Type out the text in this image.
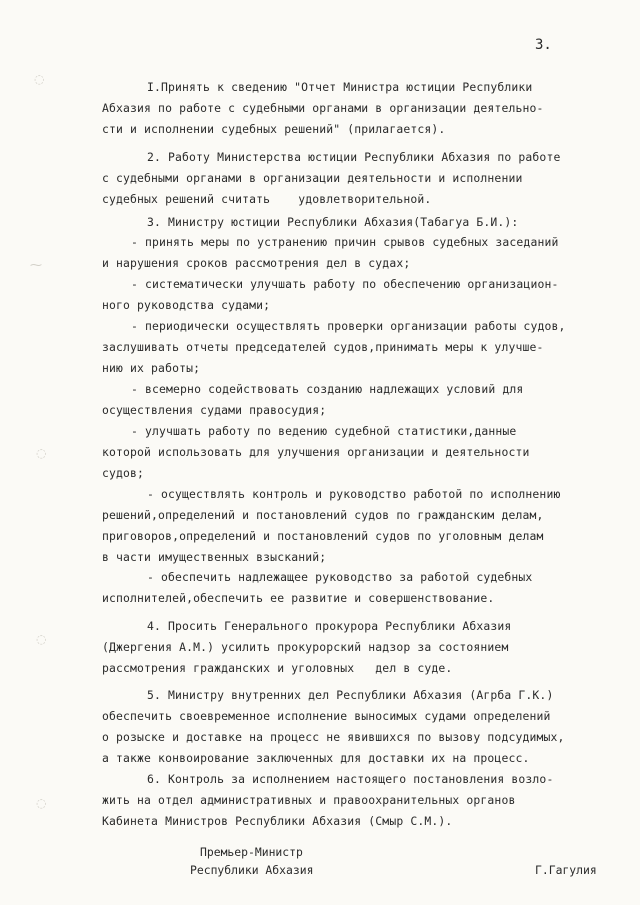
3.
◌
⁓
◌
◌
◌

I.Принять к сведению "Отчет Министра юстиции Республики

Абхазия по работе с судебными органами в организации деятельно-

сти и исполнении судебных решений" (прилагается).

2. Работу Министерства юстиции Республики Абхазия по работе

с судебными органами в организации деятельности и исполнении

судебных решений считать    удовлетворительной.

3. Министру юстиции Республики Абхазия(Табагуа Б.И.):

- принять меры по устранению причин срывов судебных заседаний

и нарушения сроков рассмотрения дел в судах;

- систематически улучшать работу по обеспечению организацион-

ного руководства судами;

- периодически осуществлять проверки организации работы судов,

заслушивать отчеты председателей судов,принимать меры к улучше-

нию их работы;

- всемерно содействовать созданию надлежащих условий для

осуществления судами правосудия;

- улучшать работу по ведению судебной статистики,данные

которой использовать для улучшения организации и деятельности

судов;

- осуществлять контроль и руководство работой по исполнению

решений,определений и постановлений судов по гражданским делам,

приговоров,определений и постановлений судов по уголовным делам

в части имущественных взысканий;

- обеспечить надлежащее руководство за работой судебных

исполнителей,обеспечить ее развитие и совершенствование.

4. Просить Генерального прокурора Республики Абхазия

(Джергения А.М.) усилить прокурорский надзор за состоянием

рассмотрения гражданских и уголовных   дел в суде.

5. Министру внутренних дел Республики Абхазия (Агрба Г.К.)

обеспечить своевременное исполнение выносимых судами определений

о розыске и доставке на процесс не явившихся по вызову подсудимых,

а также конвоирование заключенных для доставки их на процесс.

6. Контроль за исполнением настоящего постановления возло-

жить на отдел административных и правоохранительных органов

Кабинета Министров Республики Абхазия (Смыр С.М.).

Премьер-Министр
Республики Абхазия	Г.Гагулия
